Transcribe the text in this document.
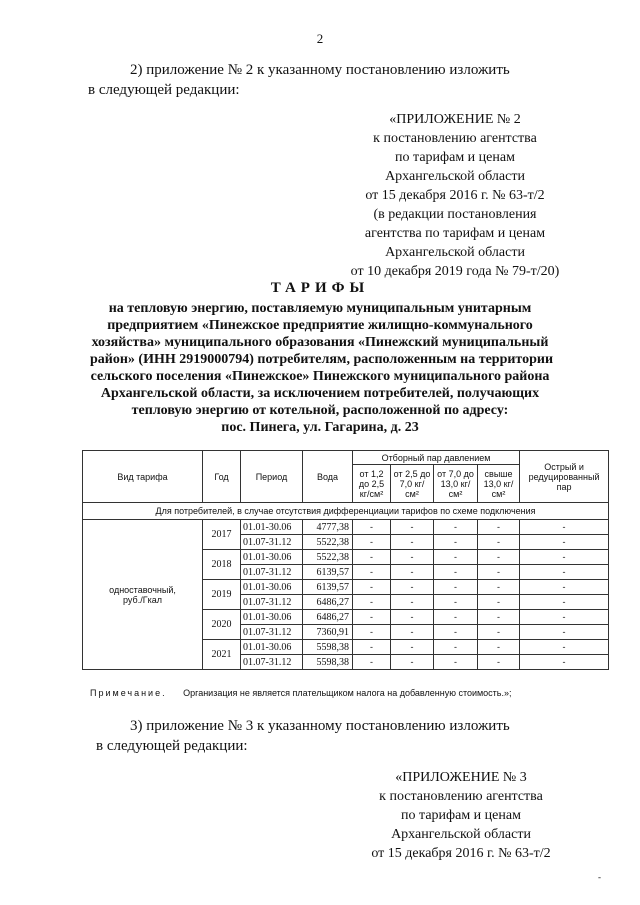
2
2) приложение № 2 к указанному постановлению изложить
в следующей редакции:
«ПРИЛОЖЕНИЕ № 2
к постановлению агентства
по тарифам и ценам
Архангельской области
от 15 декабря 2016 г. № 63-т/2
(в редакции постановления
агентства по тарифам и ценам
Архангельской области
от 10 декабря 2019 года № 79-т/20)
ТАРИФЫ
на тепловую энергию, поставляемую муниципальным унитарным
предприятием «Пинежское предприятие жилищно-коммунального
хозяйства» муниципального образования «Пинежский муниципальный
район» (ИНН 2919000794) потребителям, расположенным на территории
сельского поселения «Пинежское» Пинежского муниципального района
Архангельской области, за исключением потребителей, получающих
тепловую энергию от котельной, расположенной по адресу:
пос. Пинега, ул. Гагарина, д. 23
Вид тарифа	Год	Период	Вода	Отборный пар давлением				Острый и редуцированный пар
				от 1,2 до 2,5 кг/см²	от 2,5 до 7,0 кг/см²	от 7,0 до 13,0 кг/см²	свыше 13,0 кг/см²	
Для потребителей, в случае отсутствия дифференциации тарифов по схеме подключения								

одноставочный,
руб./Гкал	2017	01.01-30.06	4777,38	-	-	-	-	-
		01.07-31.12	5522,38	-	-	-	-	-
	2018	01.01-30.06	5522,38	-	-	-	-	-
		01.07-31.12	6139,57	-	-	-	-	-
	2019	01.01-30.06	6139,57	-	-	-	-	-
		01.07-31.12	6486,27	-	-	-	-	-
	2020	01.01-30.06	6486,27	-	-	-	-	-
		01.07-31.12	7360,91	-	-	-	-	-
	2021	01.01-30.06	5598,38	-	-	-	-	-
		01.07-31.12	5598,38	-	-	-	-	-
Примечание. Организация не является плательщиком налога на добавленную стоимость.»;
3) приложение № 3 к указанному постановлению изложить
в следующей редакции:
«ПРИЛОЖЕНИЕ № 3
к постановлению агентства
по тарифам и ценам
Архангельской области
от 15 декабря 2016 г. № 63-т/2
-
